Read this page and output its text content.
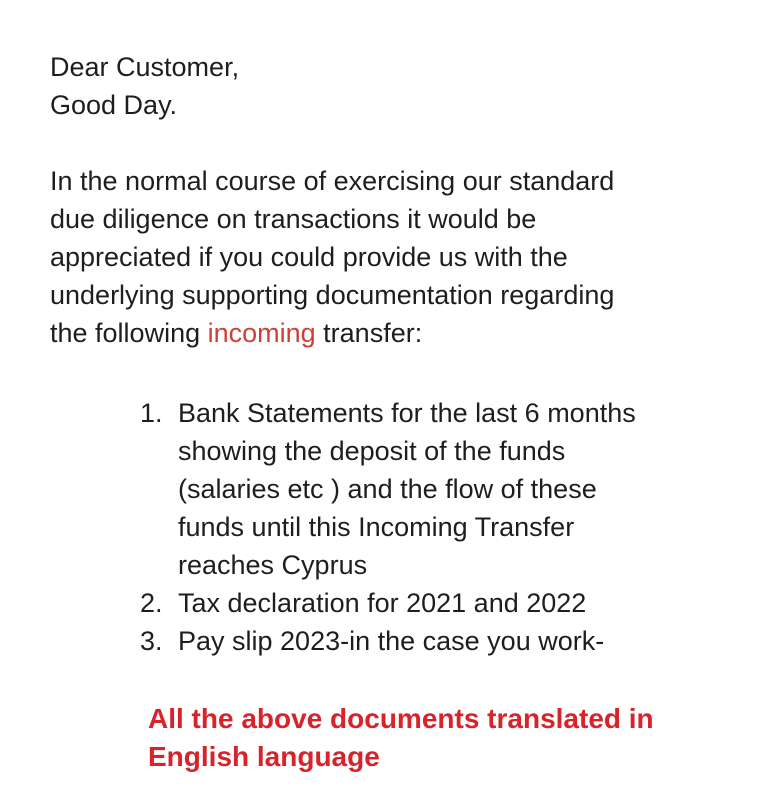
Dear Customer,
Good Day.
In the normal course of exercising our standard
due diligence on transactions it would be
appreciated if you could provide us with the
underlying supporting documentation regarding
the following incoming transfer:
1. Bank Statements for the last 6 months
showing the deposit of the funds
(salaries etc ) and the flow of these
funds until this Incoming Transfer
reaches Cyprus
2. Tax declaration for 2021 and 2022
3. Pay slip 2023-in the case you work-
All the above documents translated in
English language
